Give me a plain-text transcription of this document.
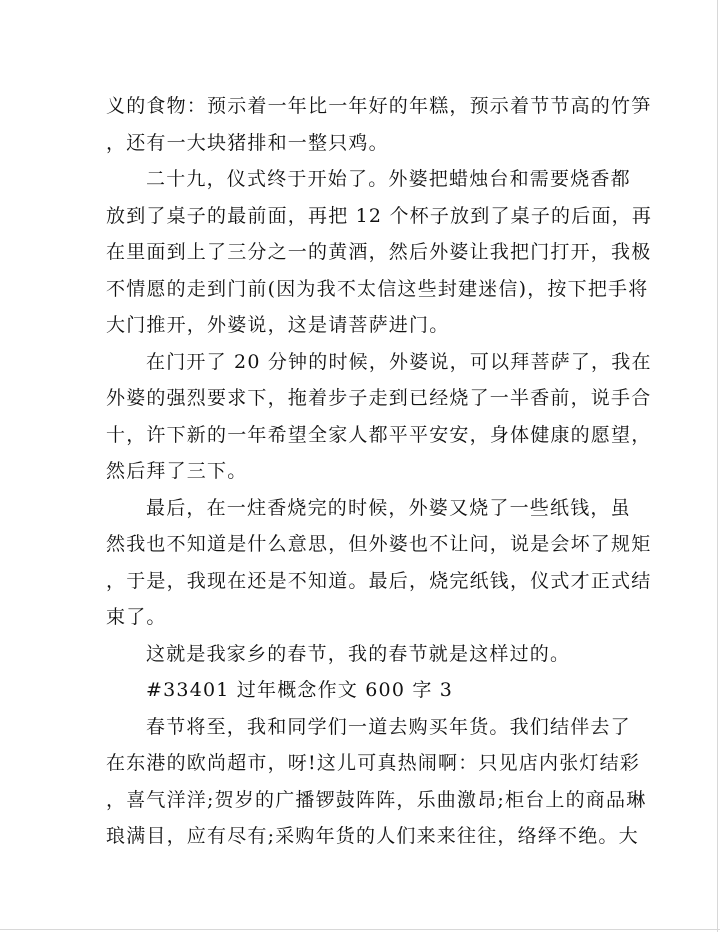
义的食物：预示着一年比一年好的年糕，预示着节节高的竹笋
，还有一大块猪排和一整只鸡。
二十九，仪式终于开始了。外婆把蜡烛台和需要烧香都
放到了桌子的最前面，再把 12 个杯子放到了桌子的后面，再
在里面到上了三分之一的黄酒，然后外婆让我把门打开，我极
不情愿的走到门前(因为我不太信这些封建迷信)，按下把手将
大门推开，外婆说，这是请菩萨进门。
在门开了 20 分钟的时候，外婆说，可以拜菩萨了，我在
外婆的强烈要求下，拖着步子走到已经烧了一半香前，说手合
十，许下新的一年希望全家人都平平安安，身体健康的愿望，
然后拜了三下。
最后，在一炷香烧完的时候，外婆又烧了一些纸钱，虽
然我也不知道是什么意思，但外婆也不让问，说是会坏了规矩
，于是，我现在还是不知道。最后，烧完纸钱，仪式才正式结
束了。
这就是我家乡的春节，我的春节就是这样过的。
#33401 过年概念作文 600 字 3
春节将至，我和同学们一道去购买年货。我们结伴去了
在东港的欧尚超市，呀!这儿可真热闹啊：只见店内张灯结彩
，喜气洋洋;贺岁的广播锣鼓阵阵，乐曲激昂;柜台上的商品琳
琅满目，应有尽有;采购年货的人们来来往往，络绎不绝。大
